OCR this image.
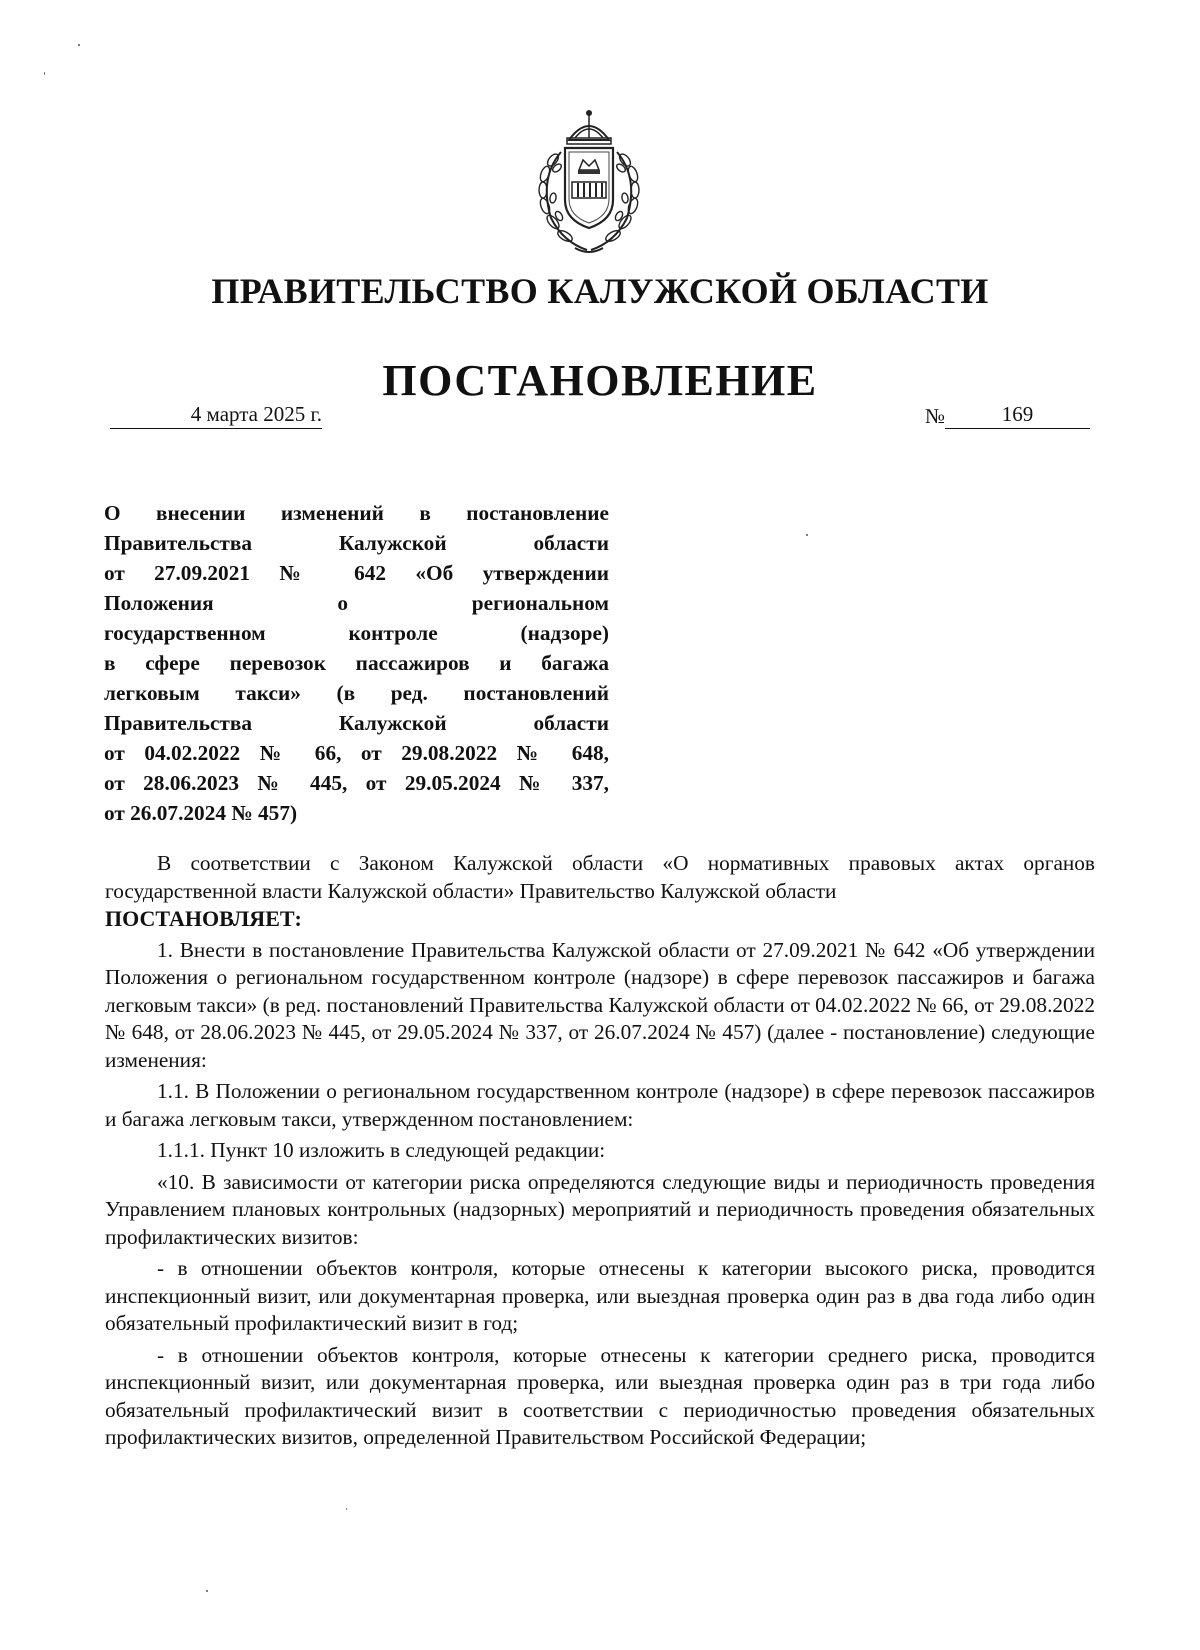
ПРАВИТЕЛЬСТВО КАЛУЖСКОЙ ОБЛАСТИ
ПОСТАНОВЛЕНИЕ
4 марта 2025 г.	№	169
О внесении изменений в постановление
Правительства Калужской области
от 27.09.2021 № 642 «Об утверждении
Положения о региональном
государственном контроле (надзоре)
в сфере перевозок пассажиров и багажа
легковым такси» (в ред. постановлений
Правительства Калужской области
от 04.02.2022 № 66, от 29.08.2022 № 648,
от 28.06.2023 № 445, от 29.05.2024 № 337,
от 26.07.2024 № 457)

В соответствии с Законом Калужской области «О нормативных правовых актах органов государственной власти Калужской области» Правительство Калужской области
ПОСТАНОВЛЯЕТ:

1. Внести в постановление Правительства Калужской области от 27.09.2021 № 642 «Об утверждении Положения о региональном государственном контроле (надзоре) в сфере перевозок пассажиров и багажа легковым такси» (в ред. постановлений Правительства Калужской области от 04.02.2022 № 66, от 29.08.2022 № 648, от 28.06.2023 № 445, от 29.05.2024 № 337, от 26.07.2024 № 457) (далее - постановление) следующие изменения:

1.1. В Положении о региональном государственном контроле (надзоре) в сфере перевозок пассажиров и багажа легковым такси, утвержденном постановлением:

1.1.1. Пункт 10 изложить в следующей редакции:

«10. В зависимости от категории риска определяются следующие виды и периодичность проведения Управлением плановых контрольных (надзорных) мероприятий и периодичность проведения обязательных профилактических визитов:

- в отношении объектов контроля, которые отнесены к категории высокого риска, проводится инспекционный визит, или документарная проверка, или выездная проверка один раз в два года либо один обязательный профилактический визит в год;

- в отношении объектов контроля, которые отнесены к категории среднего риска, проводится инспекционный визит, или документарная проверка, или выездная проверка один раз в три года либо обязательный профилактический визит в соответствии с периодичностью проведения обязательных профилактических визитов, определенной Правительством Российской Федерации;
